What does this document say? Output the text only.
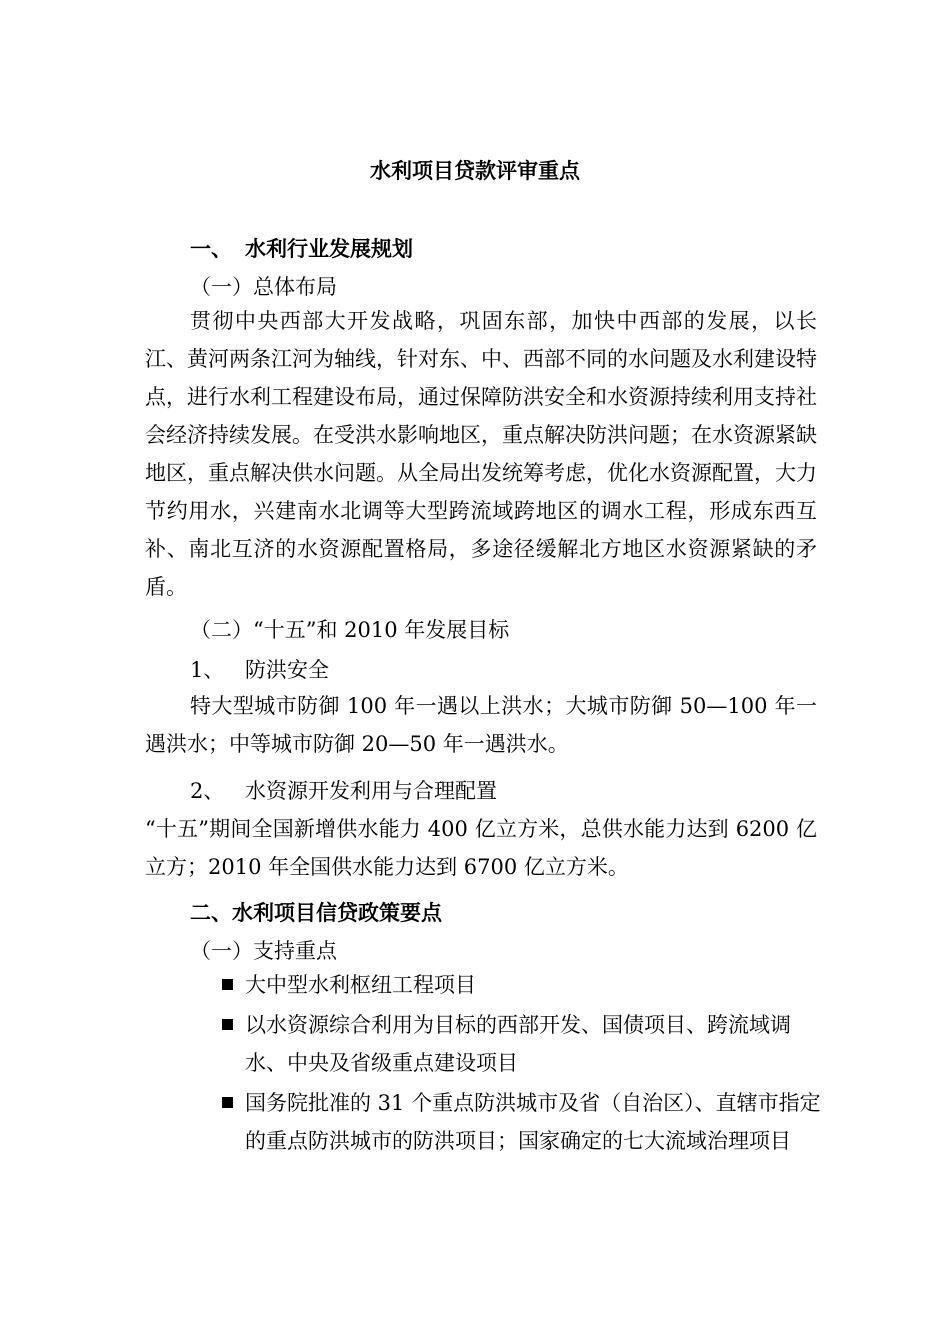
水利项目贷款评审重点
一、 水利行业发展规划
（一）总体布局
贯彻中央西部大开发战略，巩固东部，加快中西部的发展，以长江、黄河两条江河为轴线，针对东、中、西部不同的水问题及水利建设特点，进行水利工程建设布局，通过保障防洪安全和水资源持续利用支持社会经济持续发展。在受洪水影响地区，重点解决防洪问题；在水资源紧缺地区，重点解决供水问题。从全局出发统筹考虑，优化水资源配置，大力节约用水，兴建南水北调等大型跨流域跨地区的调水工程，形成东西互补、南北互济的水资源配置格局，多途径缓解北方地区水资源紧缺的矛盾。
（二）“十五”和 2010 年发展目标
1、 防洪安全
特大型城市防御 100 年一遇以上洪水；大城市防御 50—100 年一遇洪水；中等城市防御 20—50 年一遇洪水。
2、 水资源开发利用与合理配置
“十五”期间全国新增供水能力 400 亿立方米，总供水能力达到 6200 亿立方；2010 年全国供水能力达到 6700 亿立方米。
二、水利项目信贷政策要点
（一）支持重点
大中型水利枢纽工程项目
以水资源综合利用为目标的西部开发、国债项目、跨流域调水、中央及省级重点建设项目
国务院批准的 31 个重点防洪城市及省（自治区）、直辖市指定的重点防洪城市的防洪项目；国家确定的七大流域治理项目
